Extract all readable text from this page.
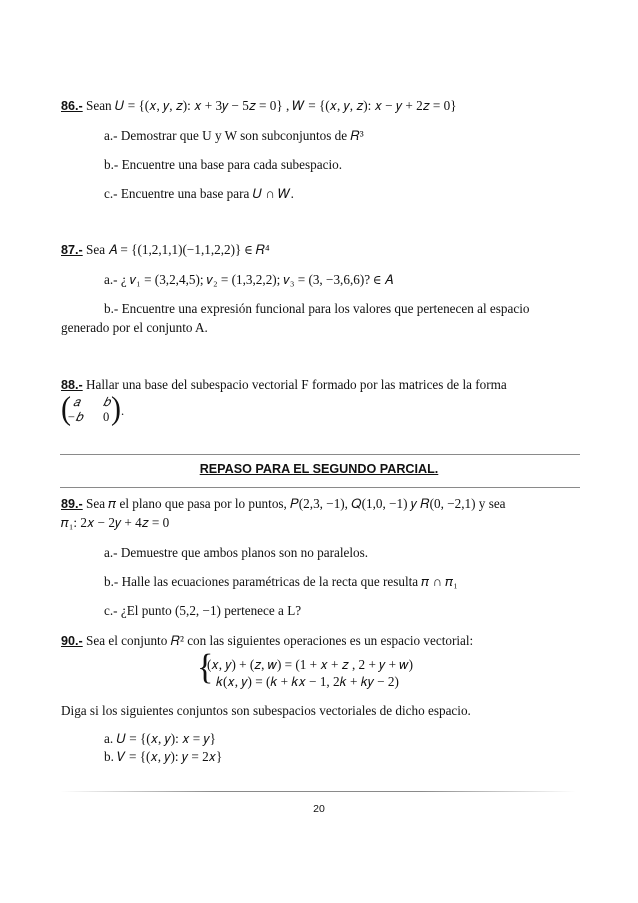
86.- Sean 𝑈 = {(𝑥, 𝑦, 𝑧): 𝑥 + 3𝑦 − 5𝑧 = 0} , 𝑊 = {(𝑥, 𝑦, 𝑧): 𝑥 − 𝑦 + 2𝑧 = 0}
a.- Demostrar que U y W son subconjuntos de 𝑅³
b.- Encuentre una base para cada subespacio.
c.- Encuentre una base para 𝑈 ∩ 𝑊.
87.- Sea 𝐴 = {(1,2,1,1)(−1,1,2,2)} ∈ 𝑅⁴
a.- ¿ 𝑣₁ = (3,2,4,5); 𝑣₂ = (1,3,2,2); 𝑣₃ = (3, −3,6,6)? ∈ 𝐴
b.- Encuentre una expresión funcional para los valores que pertenecen al espacio
generado por el conjunto A.
88.- Hallar una base del subespacio vectorial F formado por las matrices de la forma
( 𝑎 𝑏
−𝑏 0 ) .
REPASO PARA EL SEGUNDO PARCIAL.
89.- Sea 𝜋 el plano que pasa por lo puntos, 𝑃(2,3, −1), 𝑄(1,0, −1) 𝑦 𝑅(0, −2,1) y sea
𝜋₁: 2𝑥 − 2𝑦 + 4𝑧 = 0
a.- Demuestre que ambos planos son no paralelos.
b.- Halle las ecuaciones paramétricas de la recta que resulta 𝜋 ∩ 𝜋₁
c.- ¿El punto (5,2, −1) pertenece a L?
90.- Sea el conjunto 𝑅² con las siguientes operaciones es un espacio vectorial:
{
(𝑥, 𝑦) + (𝑧, 𝑤) = (1 + 𝑥 + 𝑧 , 2 + 𝑦 + 𝑤)
𝑘(𝑥, 𝑦) = (𝑘 + 𝑘𝑥 − 1, 2𝑘 + 𝑘𝑦 − 2)
Diga si los siguientes conjuntos son subespacios vectoriales de dicho espacio.
a. 𝑈 = {(𝑥, 𝑦): 𝑥 = 𝑦}
b. 𝑉 = {(𝑥, 𝑦): 𝑦 = 2𝑥}
20
